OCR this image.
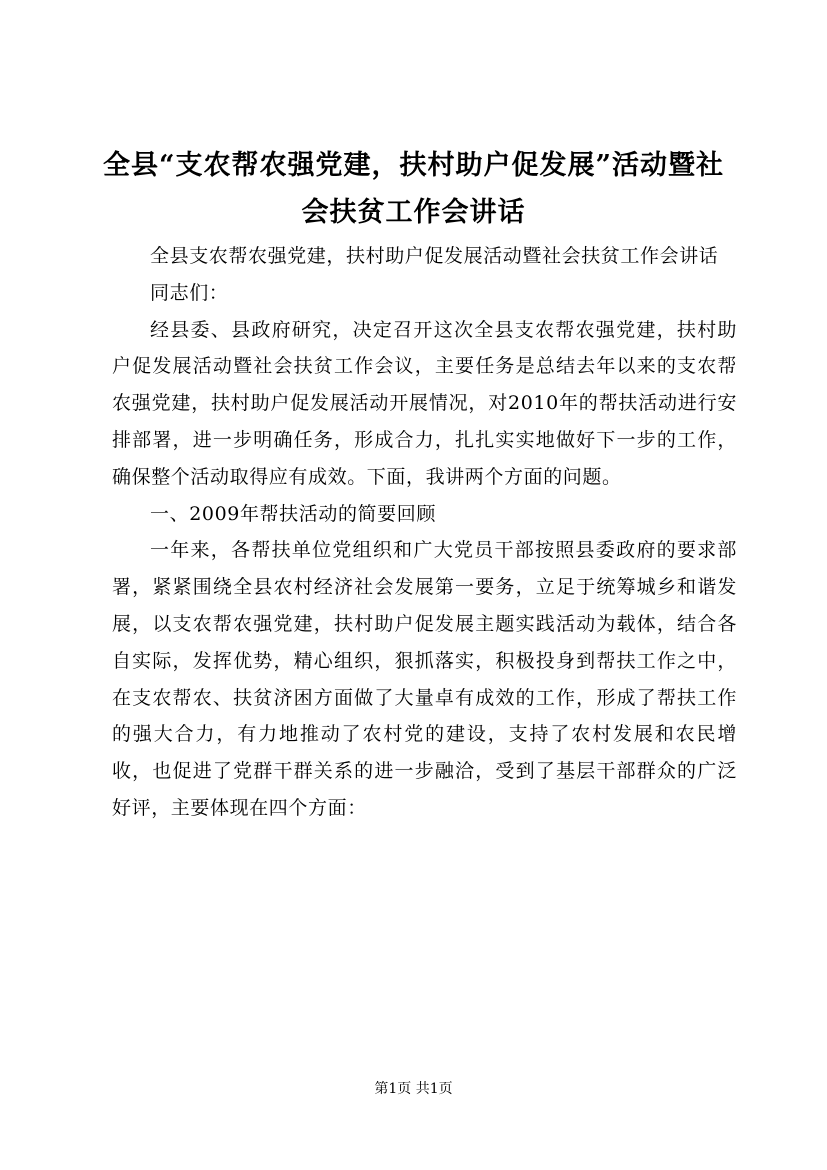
全县“支农帮农强党建，扶村助户促发展”活动暨社会扶贫工作会讲话

全县支农帮农强党建，扶村助户促发展活动暨社会扶贫工作会讲话

同志们：

经县委、县政府研究，决定召开这次全县支农帮农强党建，扶村助户促发展活动暨社会扶贫工作会议，主要任务是总结去年以来的支农帮农强党建，扶村助户促发展活动开展情况，对2010年的帮扶活动进行安排部署，进一步明确任务，形成合力，扎扎实实地做好下一步的工作，确保整个活动取得应有成效。下面，我讲两个方面的问题。

一、2009年帮扶活动的简要回顾

一年来，各帮扶单位党组织和广大党员干部按照县委政府的要求部署，紧紧围绕全县农村经济社会发展第一要务，立足于统筹城乡和谐发展，以支农帮农强党建，扶村助户促发展主题实践活动为载体，结合各自实际，发挥优势，精心组织，狠抓落实，积极投身到帮扶工作之中，在支农帮农、扶贫济困方面做了大量卓有成效的工作，形成了帮扶工作的强大合力，有力地推动了农村党的建设，支持了农村发展和农民增收，也促进了党群干群关系的进一步融洽，受到了基层干部群众的广泛好评，主要体现在四个方面：

第1页 共1页
